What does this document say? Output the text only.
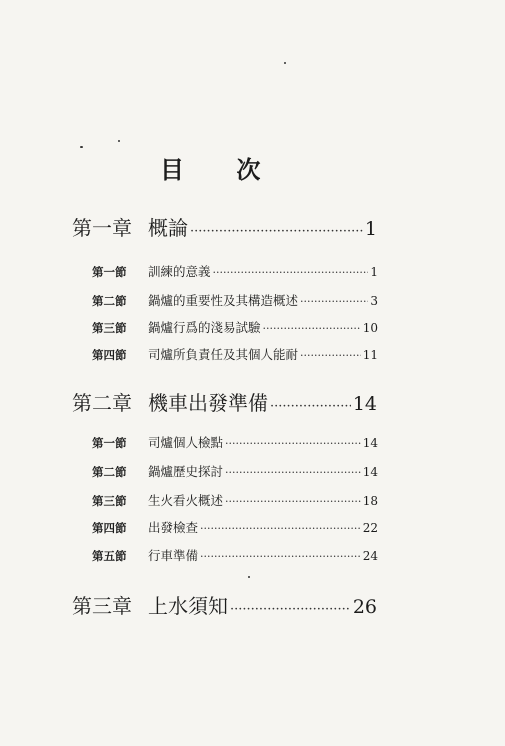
目 次
第一章 概論 ·····	1
第一節	訓練的意義 ·····	1
第二節	鍋爐的重要性及其構造概述 ·····	3
第三節	鍋爐行爲的淺易試驗 ·····	10
第四節	司爐所負責任及其個人能耐 ·····	11
第二章 機車出發準備 ·····	14
第一節	司爐個人檢點 ·····	14
第二節	鍋爐歷史探討 ·····	14
第三節	生火看火概述 ·····	18
第四節	出發檢查 ·····	22
第五節	行車準備 ·····	24
第三章 上水須知 ·····	26
